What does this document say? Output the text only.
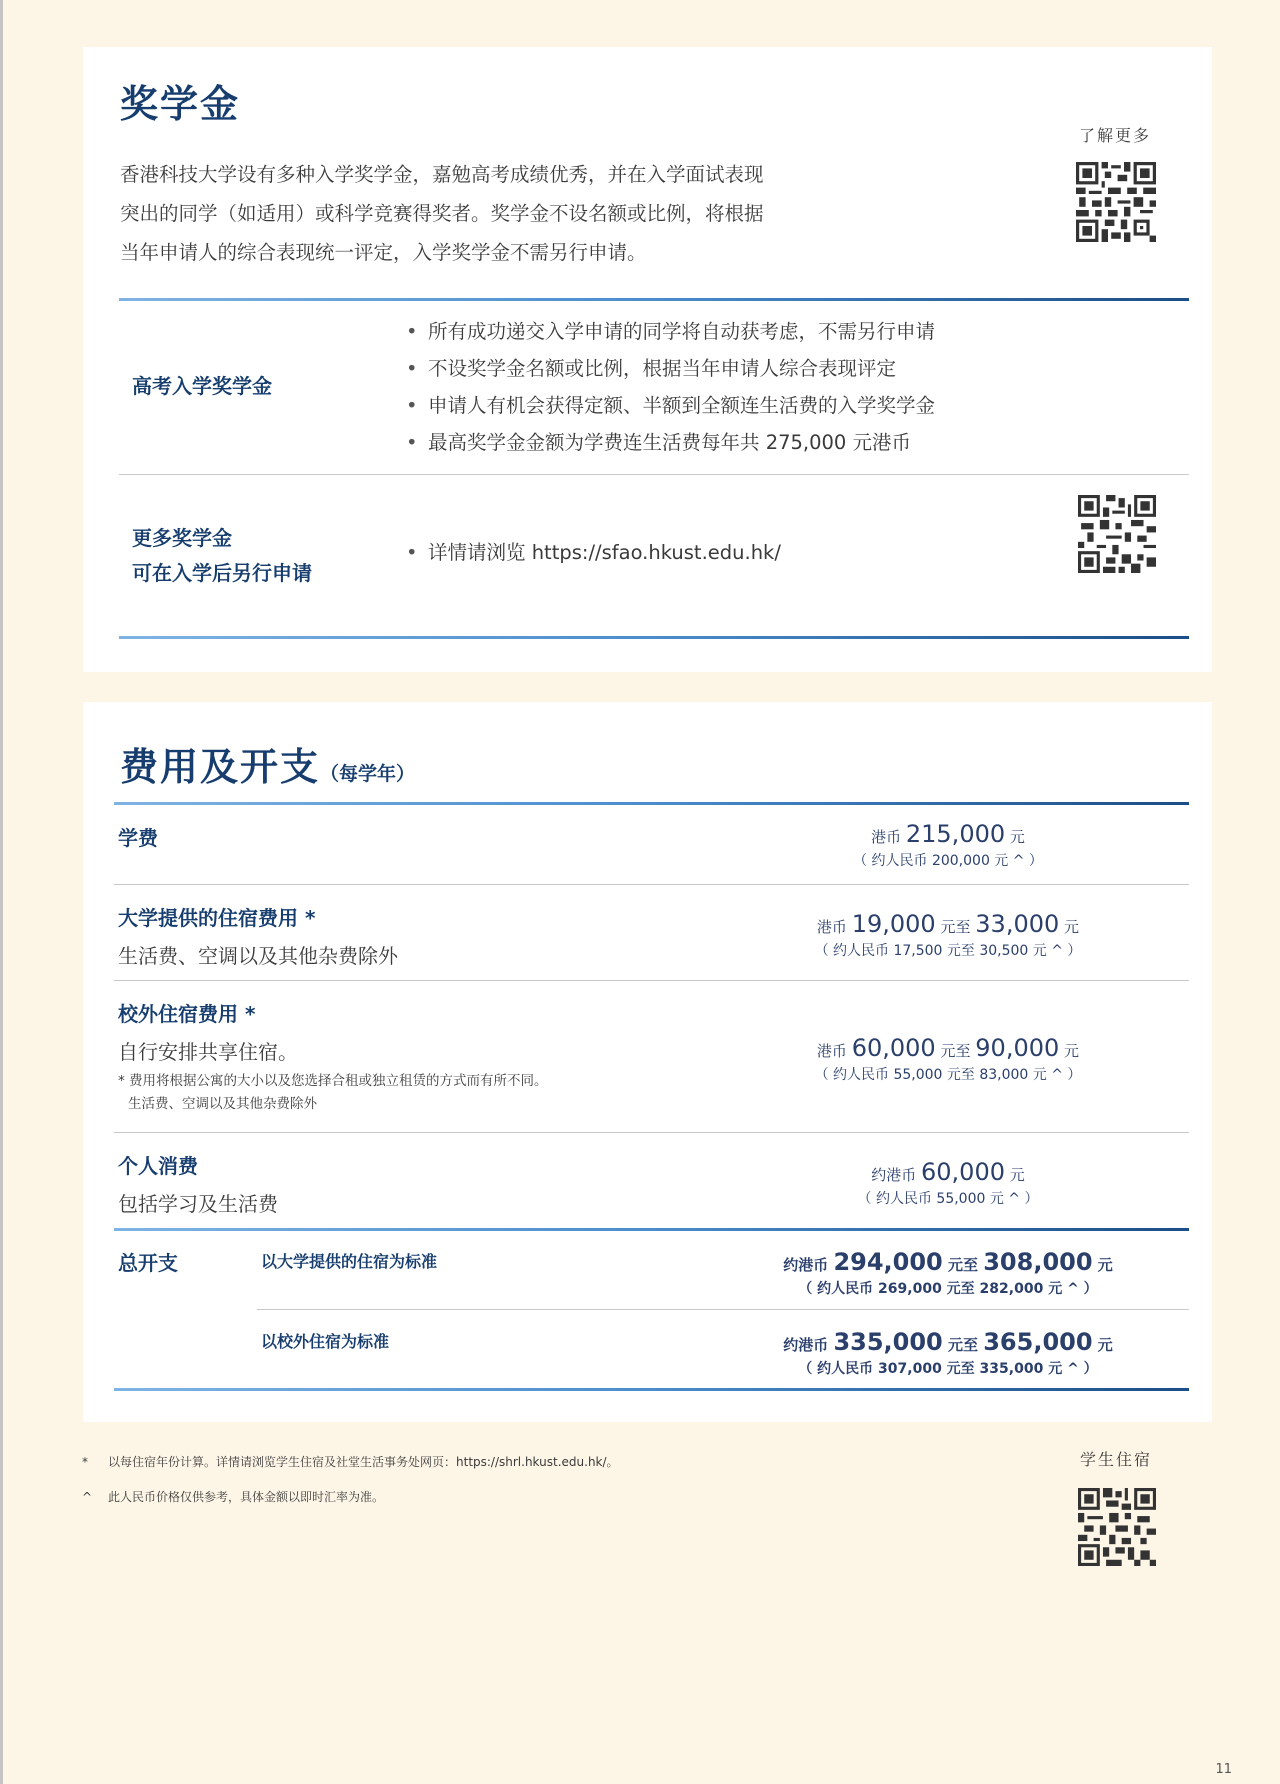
奖学金
香港科技大学设有多种入学奖学金，嘉勉高考成绩优秀，并在入学面试表现
突出的同学（如适用）或科学竞赛得奖者。奖学金不设名额或比例，将根据
当年申请人的综合表现统一评定，入学奖学金不需另行申请。
了解更多
高考入学奖学金
• 所有成功递交入学申请的同学将自动获考虑，不需另行申请
• 不设奖学金名额或比例，根据当年申请人综合表现评定
• 申请人有机会获得定额、半额到全额连生活费的入学奖学金
• 最高奖学金金额为学费连生活费每年共 275,000 元港币
更多奖学金
可在入学后另行申请
• 详情请浏览 https://sfao.hkust.edu.hk/
费用及开支（每学年）
学费	港币 215,000 元
（ 约人民币 200,000 元 ^ ）
大学提供的住宿费用 *
生活费、空调以及其他杂费除外
港币 19,000 元至 33,000 元
（ 约人民币 17,500 元至 30,500 元 ^ ）
校外住宿费用 *
自行安排共享住宿。
* 费用将根据公寓的大小以及您选择合租或独立租赁的方式而有所不同。
生活费、空调以及其他杂费除外
港币 60,000 元至 90,000 元
（ 约人民币 55,000 元至 83,000 元 ^ ）
个人消费
包括学习及生活费
约港币 60,000 元
（ 约人民币 55,000 元 ^ ）
总开支	以大学提供的住宿为标准	约港币 294,000 元至 308,000 元
（ 约人民币 269,000 元至 282,000 元 ^ ）
以校外住宿为标准	约港币 335,000 元至 365,000 元
（ 约人民币 307,000 元至 335,000 元 ^ ）
* 以每住宿年份计算。详情请浏览学生住宿及社堂生活事务处网页：https://shrl.hkust.edu.hk/。
^ 此人民币价格仅供参考，具体金额以即时汇率为准。
学生住宿
11
